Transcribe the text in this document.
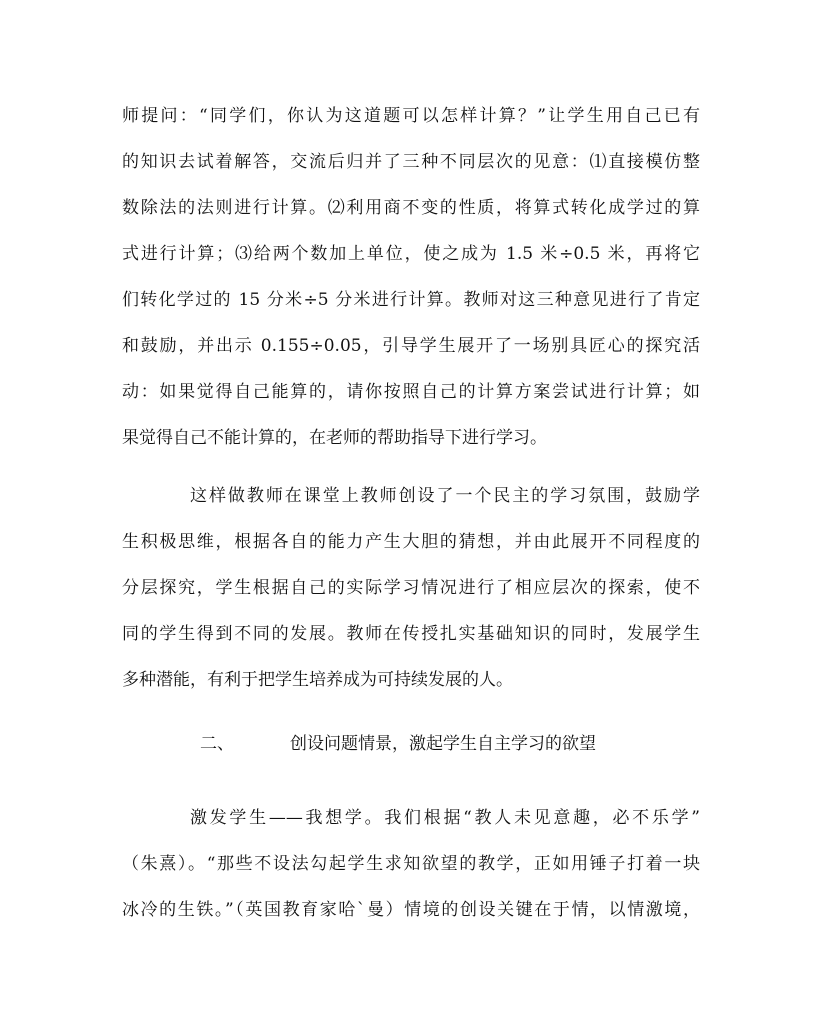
师提问：“同学们，你认为这道题可以怎样计算？”让学生用自己已有
的知识去试着解答，交流后归并了三种不同层次的见意：⑴直接模仿整
数除法的法则进行计算。⑵利用商不变的性质，将算式转化成学过的算
式进行计算；⑶给两个数加上单位，使之成为 1.5 米÷0.5 米，再将它
们转化学过的 15 分米÷5 分米进行计算。教师对这三种意见进行了肯定
和鼓励，并出示 0.155÷0.05，引导学生展开了一场别具匠心的探究活
动：如果觉得自己能算的，请你按照自己的计算方案尝试进行计算；如
果觉得自己不能计算的，在老师的帮助指导下进行学习。
这样做教师在课堂上教师创设了一个民主的学习氛围，鼓励学
生积极思维，根据各自的能力产生大胆的猜想，并由此展开不同程度的
分层探究，学生根据自己的实际学习情况进行了相应层次的探索，使不
同的学生得到不同的发展。教师在传授扎实基础知识的同时，发展学生
多种潜能，有利于把学生培养成为可持续发展的人。
二、	创设问题情景，激起学生自主学习的欲望
激发学生——我想学。我们根据“教人未见意趣，必不乐学”
（朱熹）。“那些不设法勾起学生求知欲望的教学，正如用锤子打着一块
冰冷的生铁。”（英国教育家哈`曼）情境的创设关键在于情，以情激境，
